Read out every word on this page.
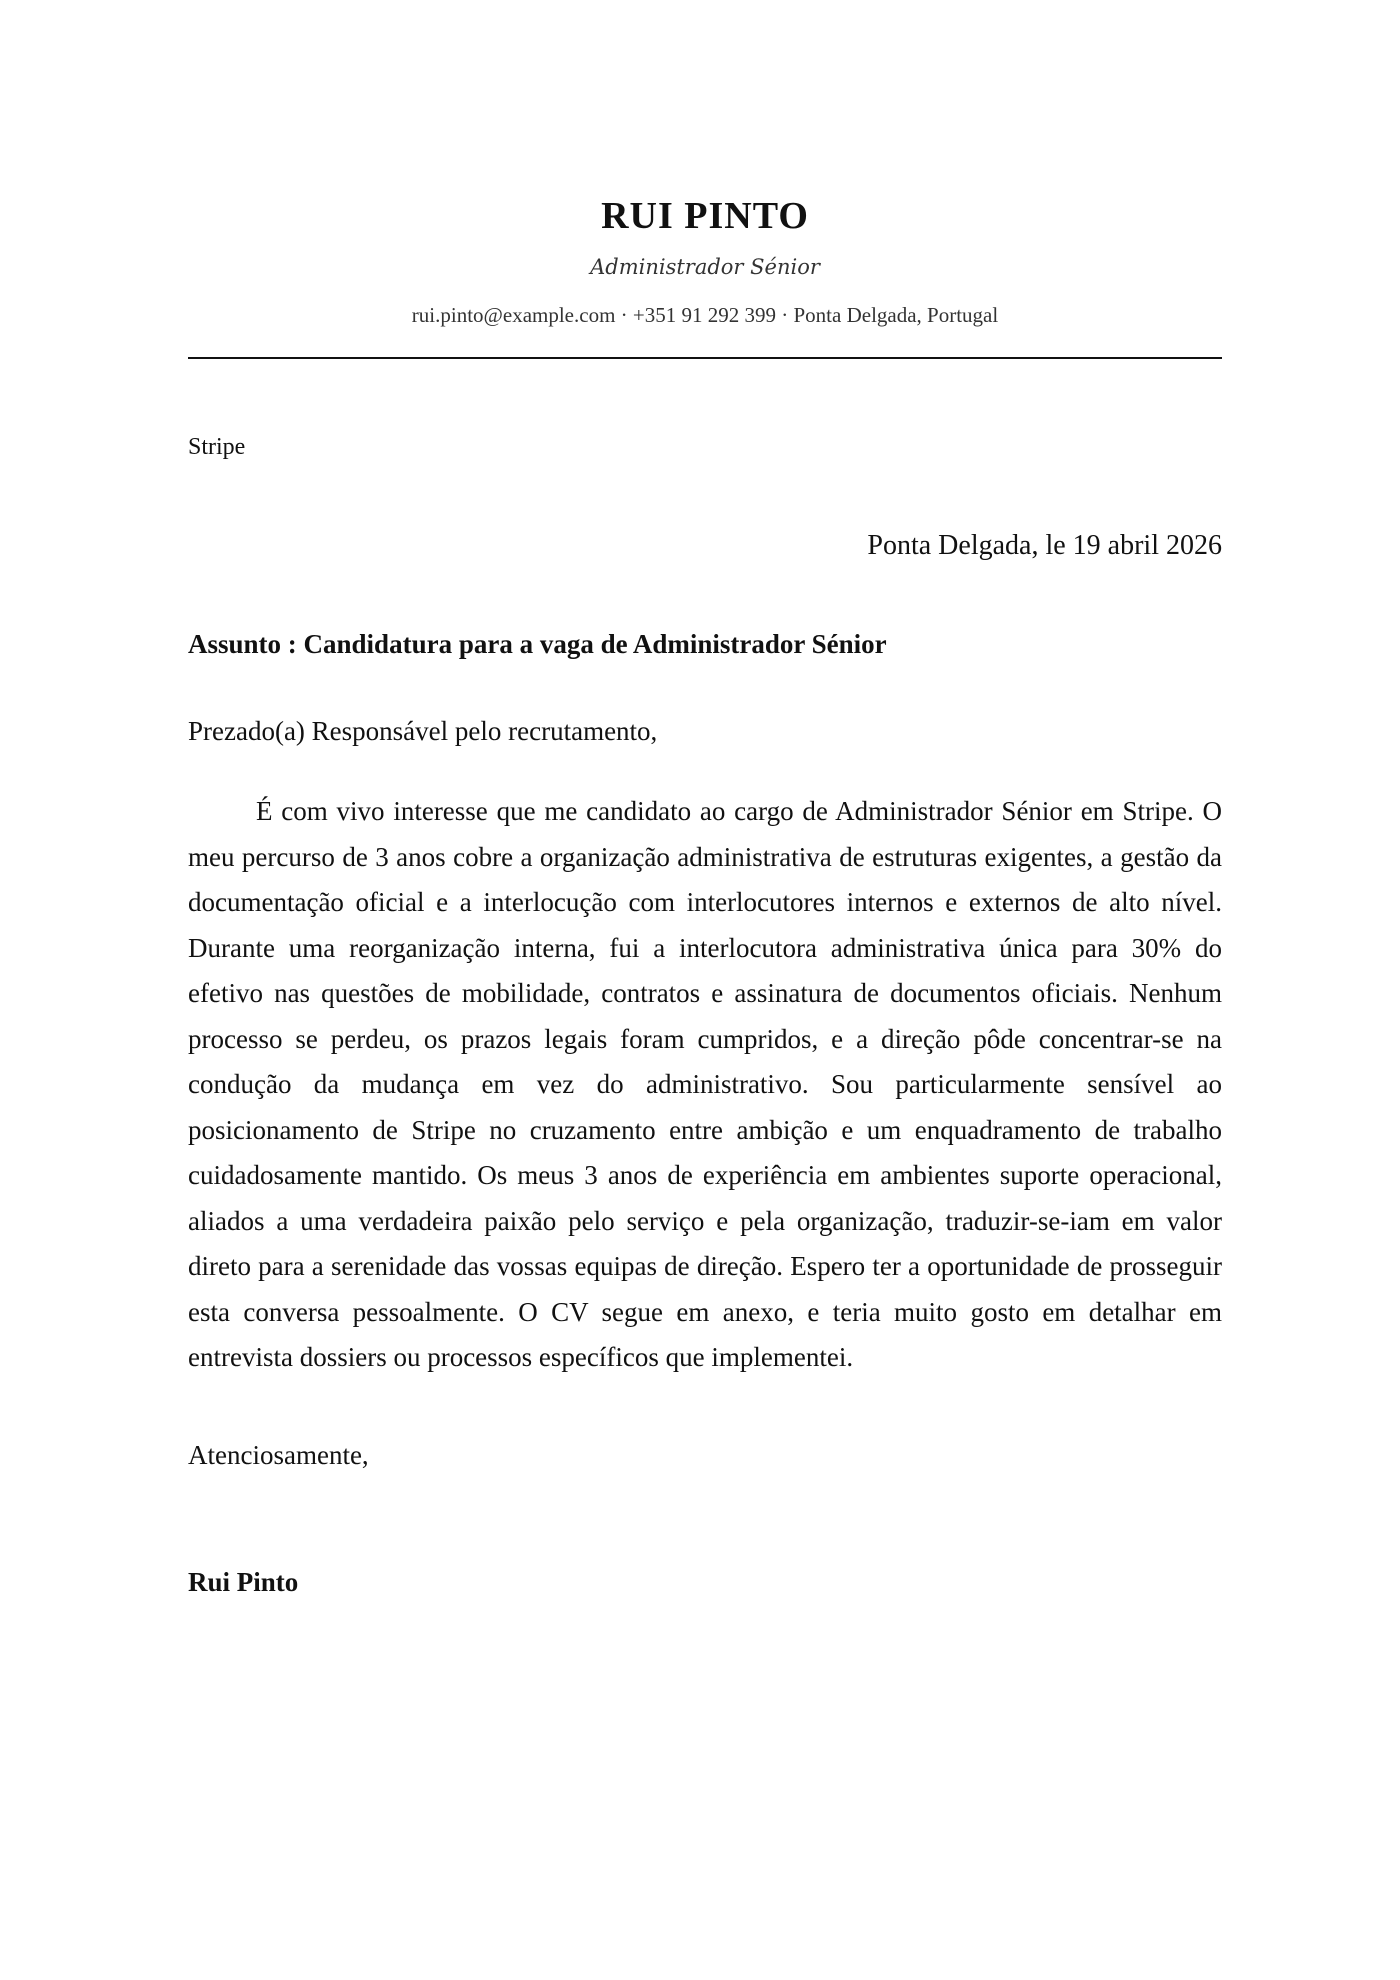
RUI PINTO
Administrador Sénior
rui.pinto@example.com · +351 91 292 399 · Ponta Delgada, Portugal
Stripe
Ponta Delgada, le 19 abril 2026
Assunto : Candidatura para a vaga de Administrador Sénior
Prezado(a) Responsável pelo recrutamento,

É com vivo interesse que me candidato ao cargo de Administrador Sénior em Stripe. O meu percurso de 3 anos cobre a organização administrativa de estruturas exigentes, a gestão da documentação oficial e a interlocução com interlocutores internos e externos de alto nível. Durante uma reorganização interna, fui a interlocutora administrativa única para 30% do efetivo nas questões de mobilidade, contratos e assinatura de documentos oficiais. Nenhum processo se perdeu, os prazos legais foram cumpridos, e a direção pôde concentrar-se na condução da mudança em vez do administrativo. Sou particularmente sensível ao posicionamento de Stripe no cruzamento entre ambição e um enquadramento de trabalho cuidadosamente mantido. Os meus 3 anos de experiência em ambientes suporte operacional, aliados a uma verdadeira paixão pelo serviço e pela organização, traduzir-se-iam em valor direto para a serenidade das vossas equipas de direção. Espero ter a oportunidade de prosseguir esta conversa pessoalmente. O CV segue em anexo, e teria muito gosto em detalhar em entrevista dossiers ou processos específicos que implementei.

Atenciosamente,
Rui Pinto
